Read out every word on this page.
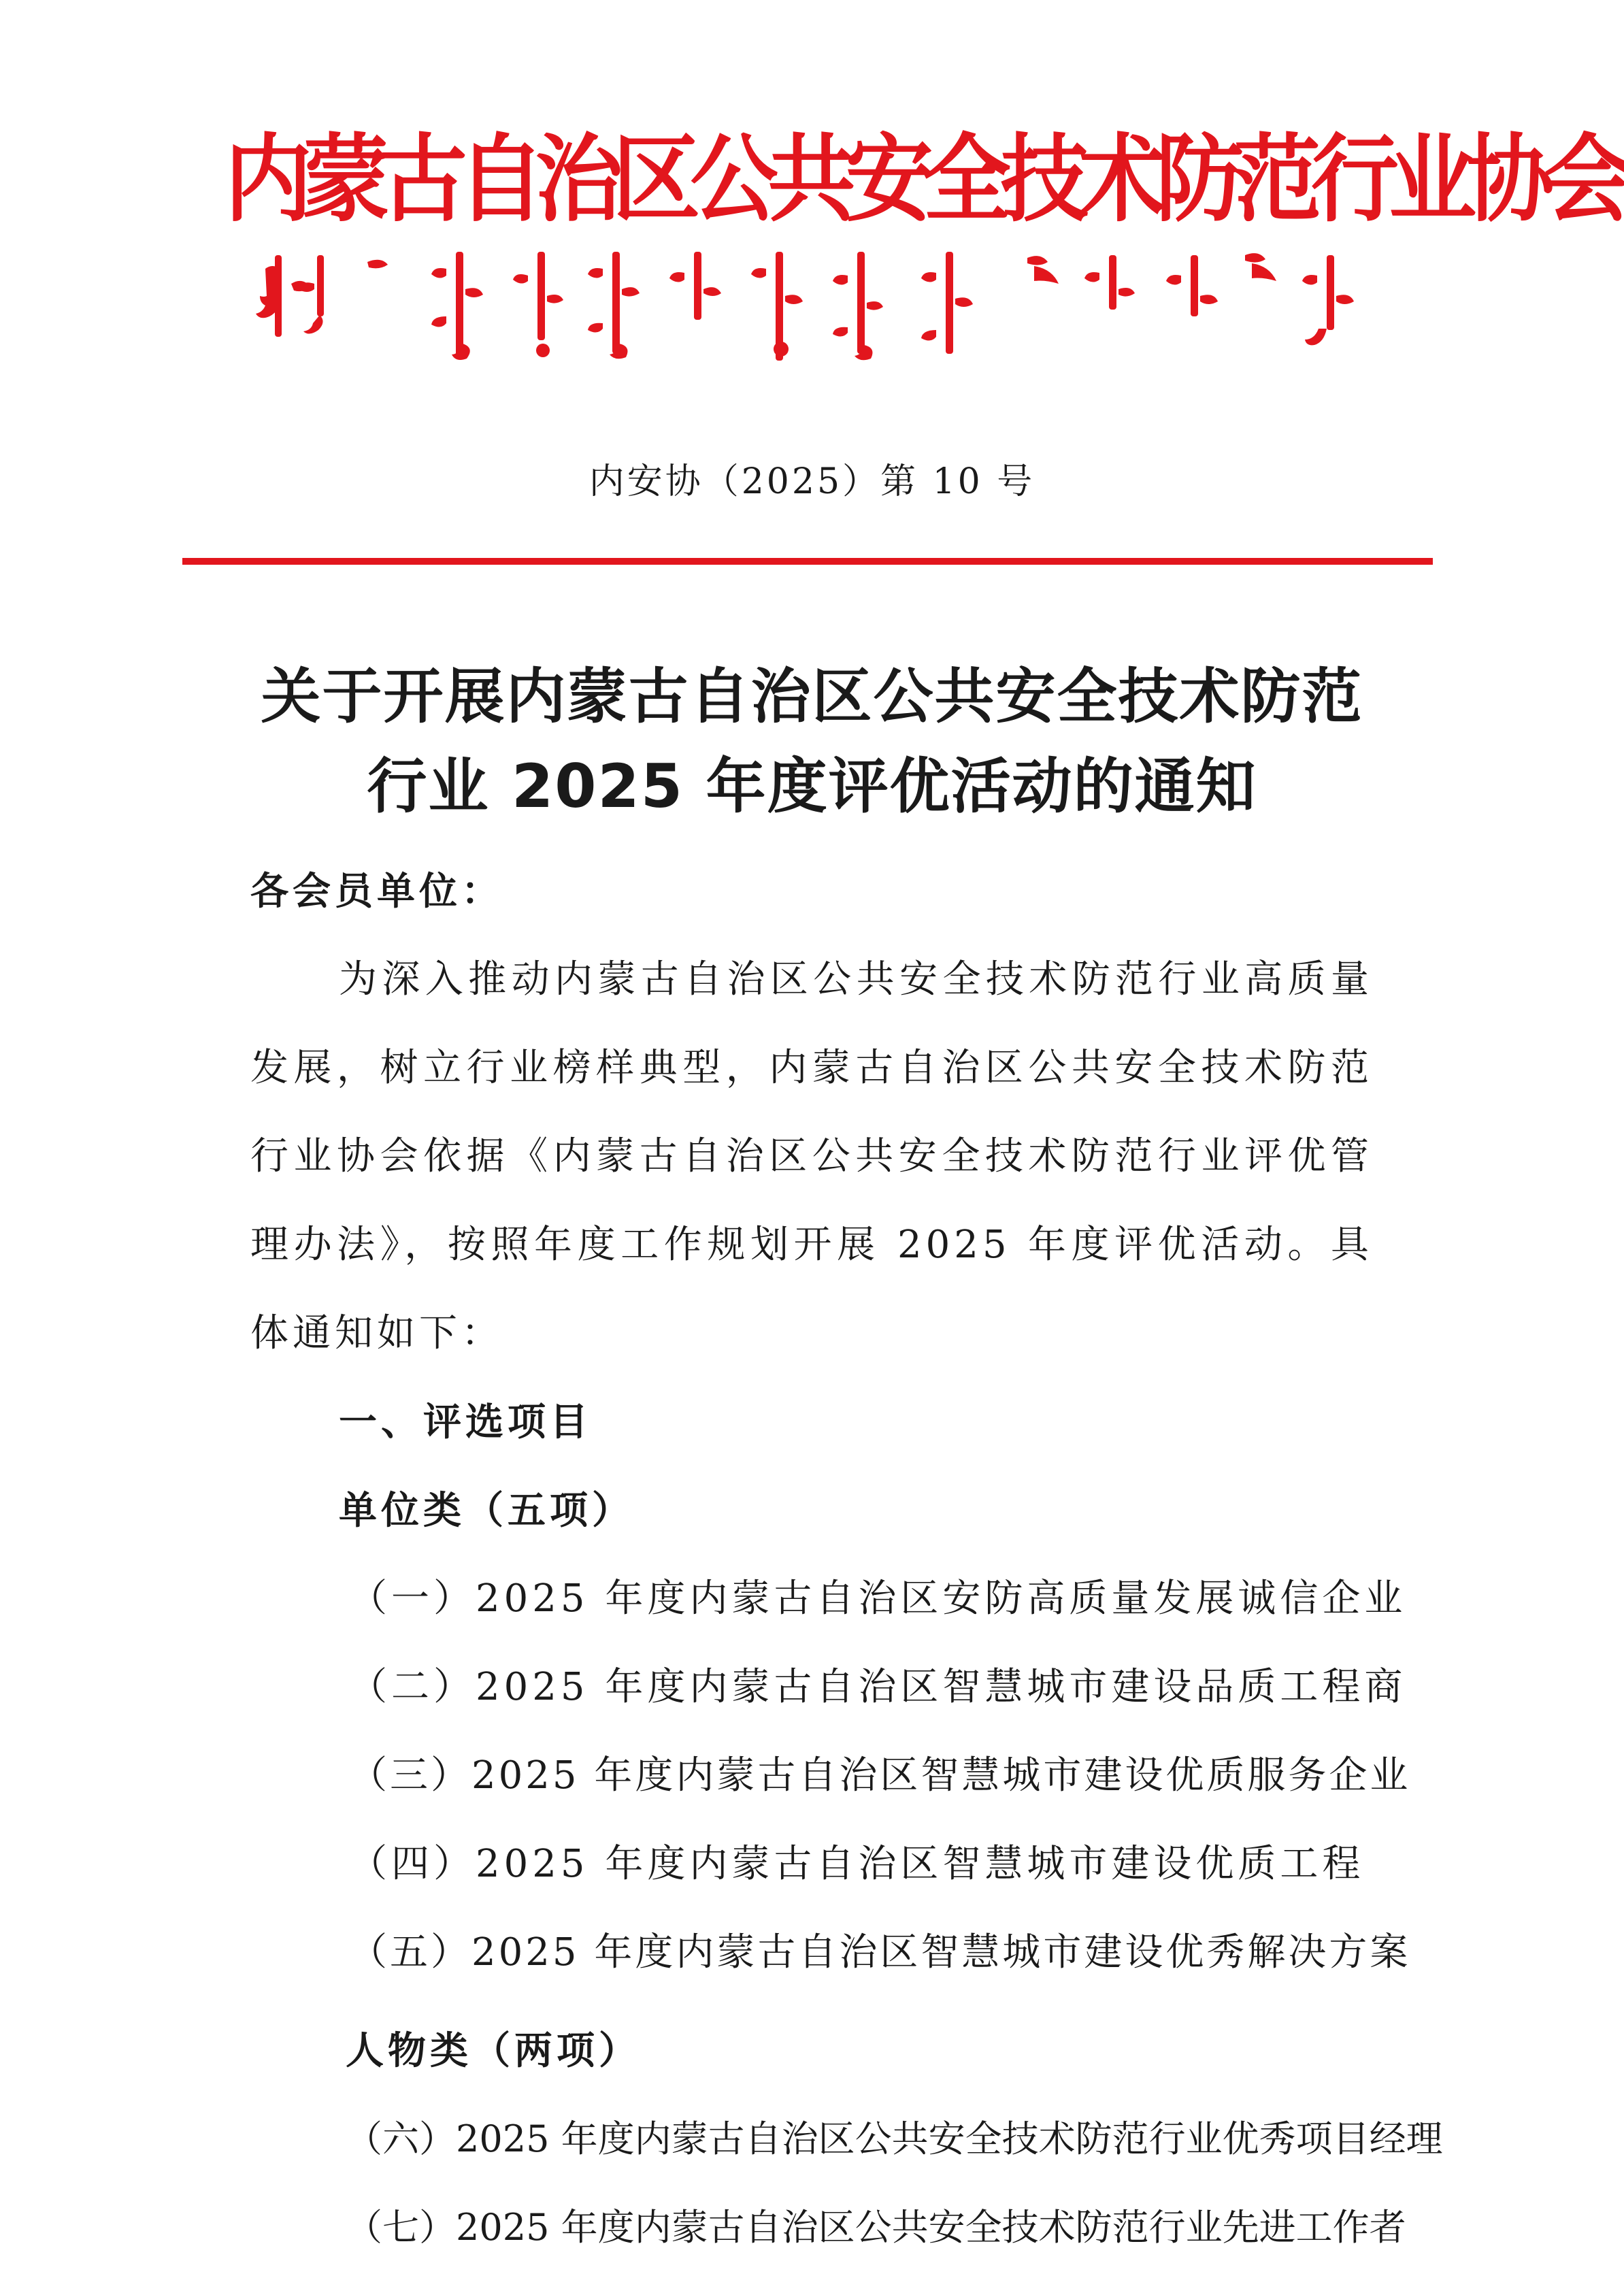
内蒙古自治区公共安全技术防范行业协会

内安协（2025）第 10 号

关于开展内蒙古自治区公共安全技术防范
行业 2025 年度评优活动的通知

各会员单位：

为深入推动内蒙古自治区公共安全技术防范行业高质量发展，树立行业榜样典型，内蒙古自治区公共安全技术防范行业协会依据《内蒙古自治区公共安全技术防范行业评优管理办法》，按照年度工作规划开展 2025 年度评优活动。具体通知如下：

一、评选项目

单位类（五项）

（一）2025 年度内蒙古自治区安防高质量发展诚信企业

（二）2025 年度内蒙古自治区智慧城市建设品质工程商

（三）2025 年度内蒙古自治区智慧城市建设优质服务企业

（四）2025 年度内蒙古自治区智慧城市建设优质工程

（五）2025 年度内蒙古自治区智慧城市建设优秀解决方案

人物类（两项）

（六）2025 年度内蒙古自治区公共安全技术防范行业优秀项目经理

（七）2025 年度内蒙古自治区公共安全技术防范行业先进工作者
